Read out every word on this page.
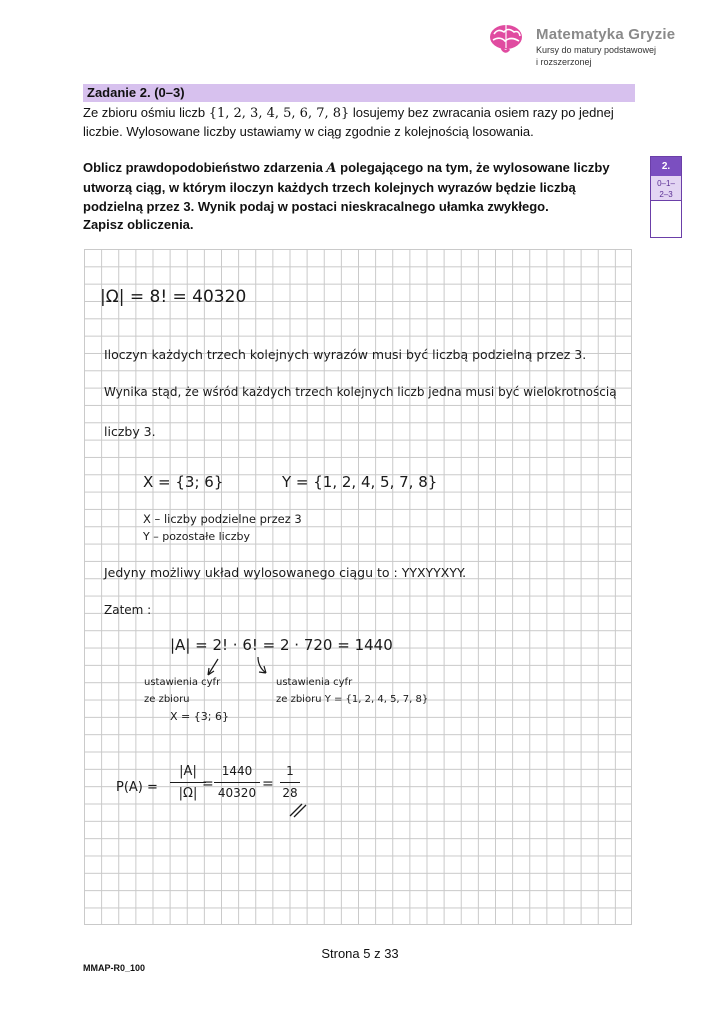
Matematyka Gryzie
Kursy do matury podstawowej
i rozszerzonej
Zadanie 2. (0–3)
Ze zbioru ośmiu liczb {1, 2, 3, 4, 5, 6, 7, 8} losujemy bez zwracania osiem razy po jednej
liczbie. Wylosowane liczby ustawiamy w ciąg zgodnie z kolejnością losowania.
Oblicz prawdopodobieństwo zdarzenia A polegającego na tym, że wylosowane liczby
utworzą ciąg, w którym iloczyn każdych trzech kolejnych wyrazów będzie liczbą
podzielną przez 3. Wynik podaj w postaci nieskracalnego ułamka zwykłego.
Zapisz obliczenia.
2.
0–1–
2–3
|Ω| = 8! = 40320
Iloczyn każdych trzech kolejnych wyrazów musi być liczbą podzielną przez 3.
Wynika stąd, że wśród każdych trzech kolejnych liczb jedna musi być wielokrotnością
liczby 3.
X = {3; 6}	Y = {1, 2, 4, 5, 7, 8}
X – liczby podzielne przez 3
Y – pozostałe liczby
Jedyny możliwy układ wylosowanego ciągu to : YYXYYXYY.
Zatem :
|A| = 2! · 6! = 2 · 720 = 1440
ustawienia cyfr
ze zbioru
X = {3; 6}
ustawienia cyfr
ze zbioru Y = {1, 2, 4, 5, 7, 8}
P(A) =
|A|
|Ω|
=
1440
40320
=
1
28
Strona 5 z 33
MMAP-R0_100
